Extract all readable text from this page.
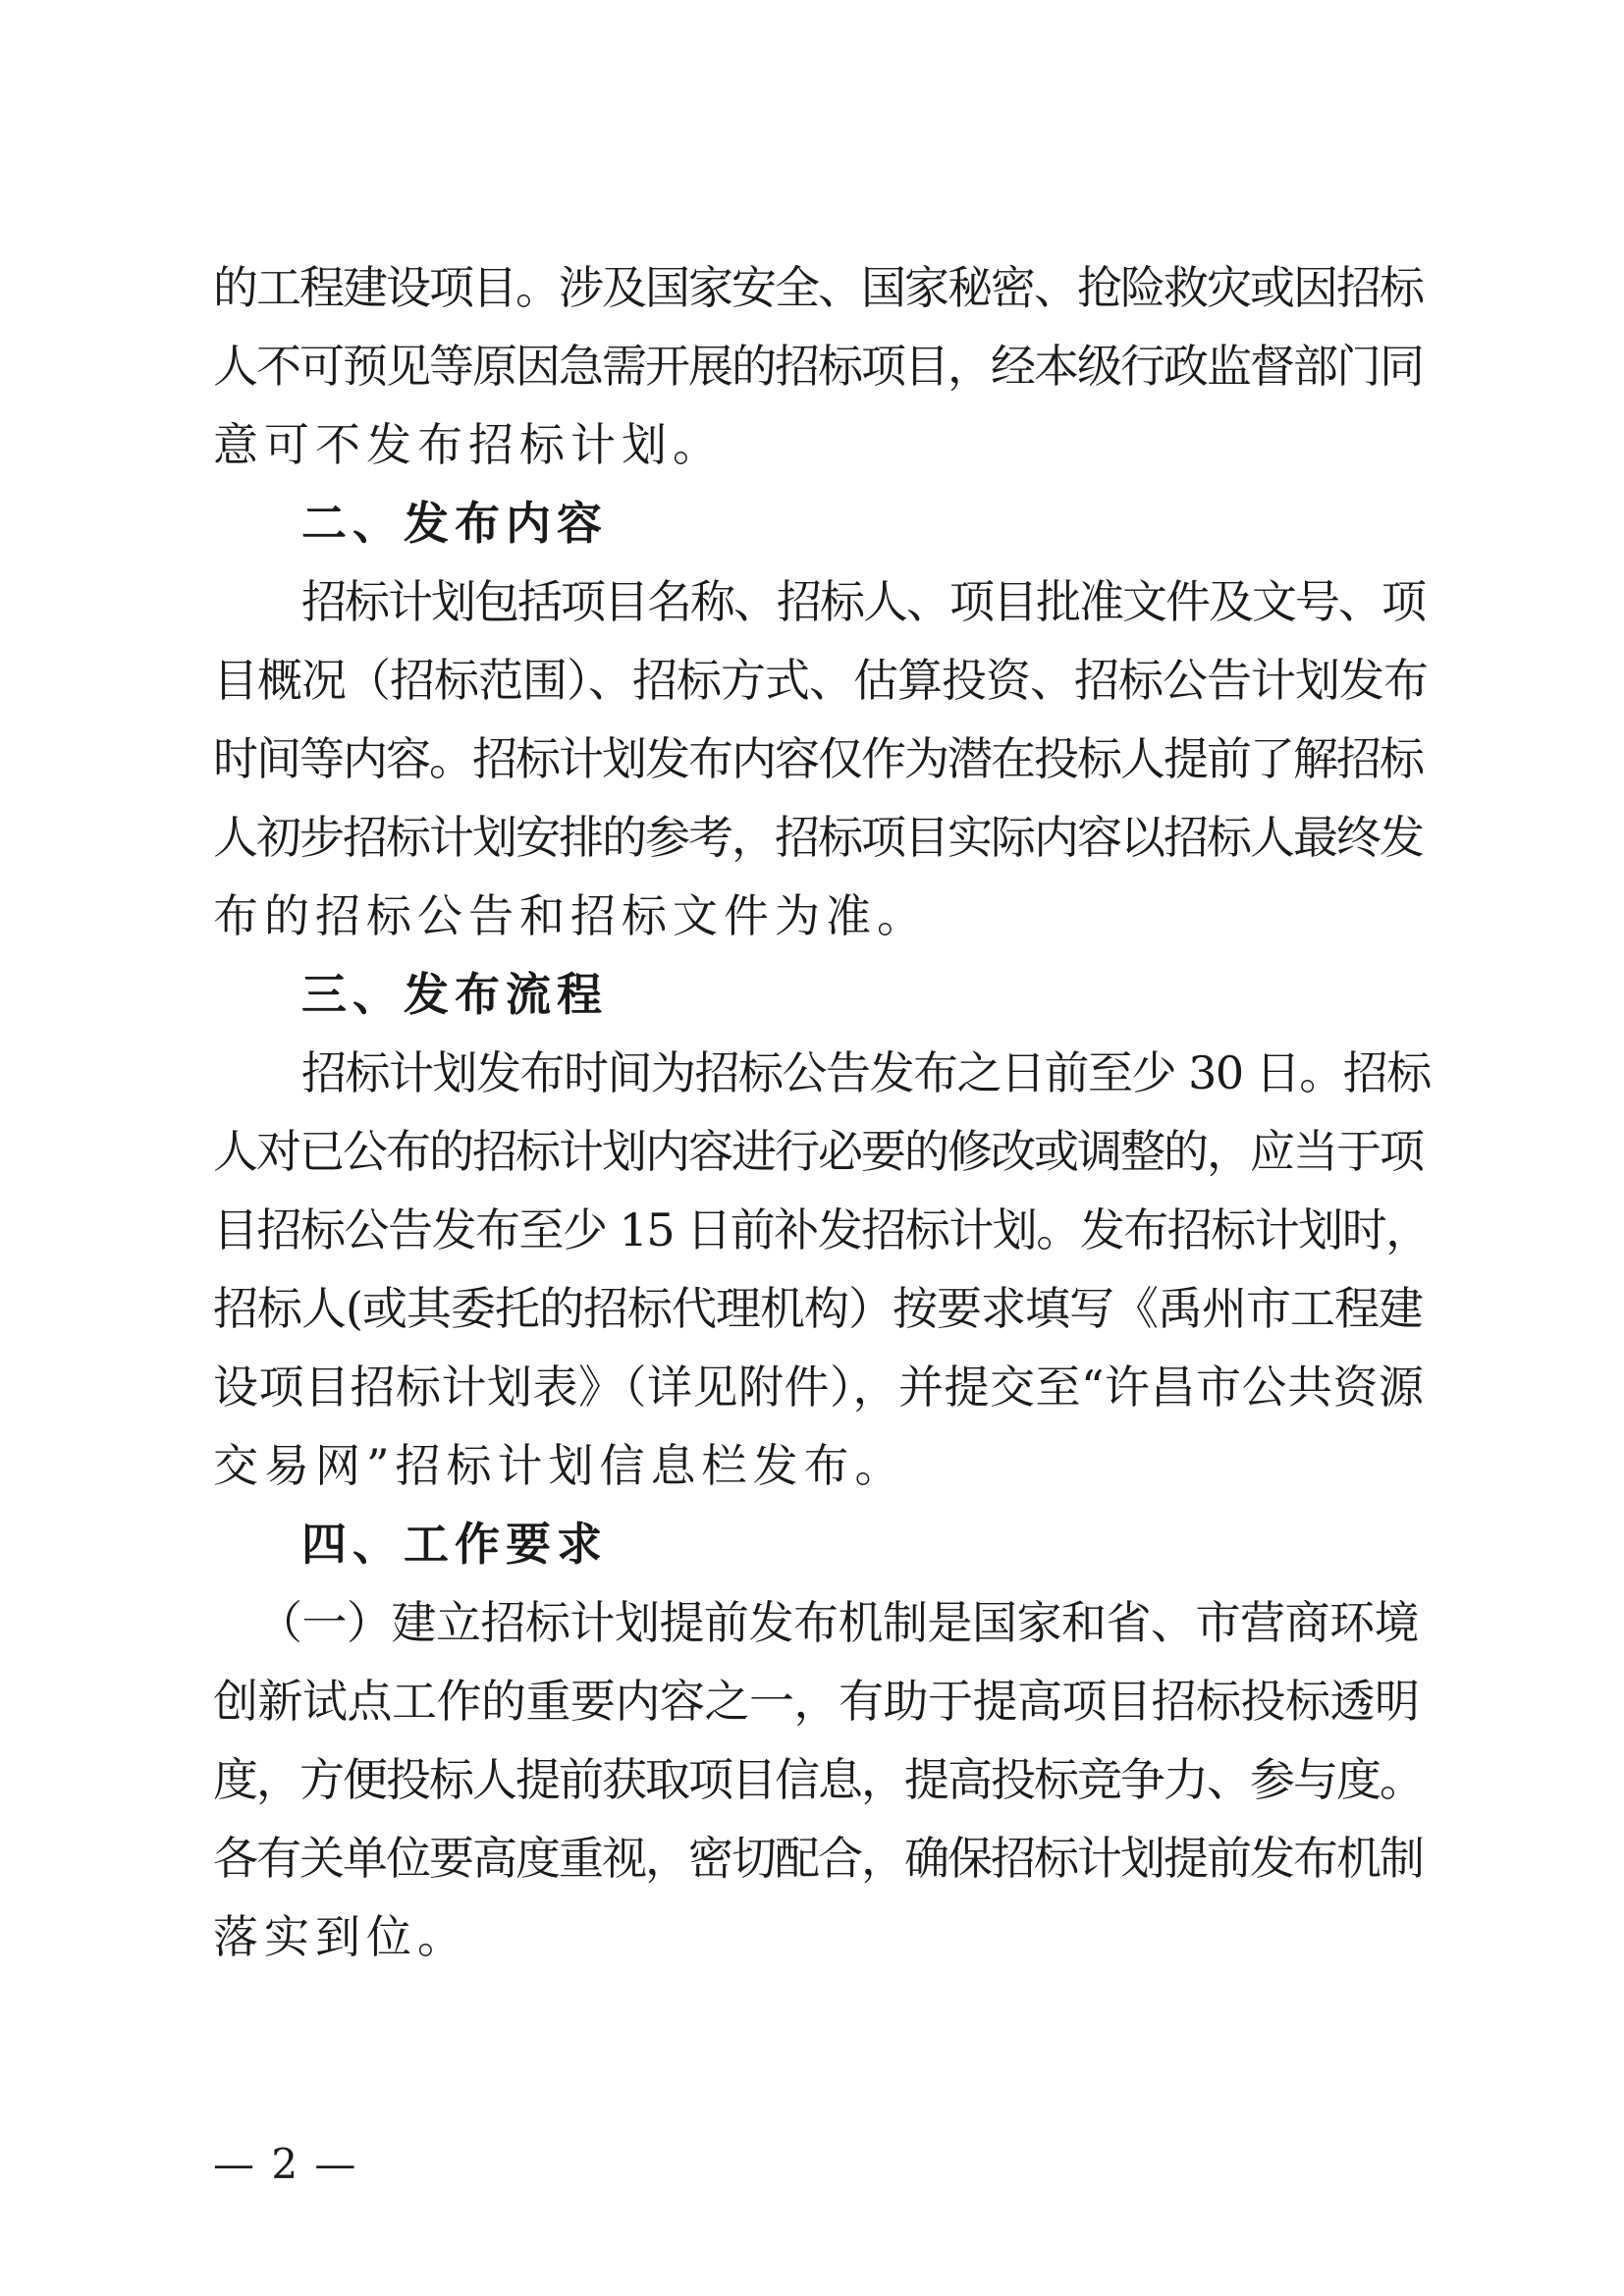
的工程建设项目。涉及国家安全、国家秘密、抢险救灾或因招标
人不可预见等原因急需开展的招标项目，经本级行政监督部门同
意可不发布招标计划。
二、发布内容
招标计划包括项目名称、招标人、项目批准文件及文号、项
目概况（招标范围）、招标方式、估算投资、招标公告计划发布
时间等内容。招标计划发布内容仅作为潜在投标人提前了解招标
人初步招标计划安排的参考，招标项目实际内容以招标人最终发
布的招标公告和招标文件为准。
三、发布流程
招标计划发布时间为招标公告发布之日前至少 30 日。招标
人对已公布的招标计划内容进行必要的修改或调整的，应当于项
目招标公告发布至少 15 日前补发招标计划。发布招标计划时，
招标人(或其委托的招标代理机构）按要求填写《禹州市工程建
设项目招标计划表》（详见附件），并提交至“许昌市公共资源
交易网”招标计划信息栏发布。
四、工作要求
（一）建立招标计划提前发布机制是国家和省、市营商环境
创新试点工作的重要内容之一，有助于提高项目招标投标透明
度，方便投标人提前获取项目信息，提高投标竞争力、参与度。
各有关单位要高度重视，密切配合，确保招标计划提前发布机制
落实到位。
— 2 —
